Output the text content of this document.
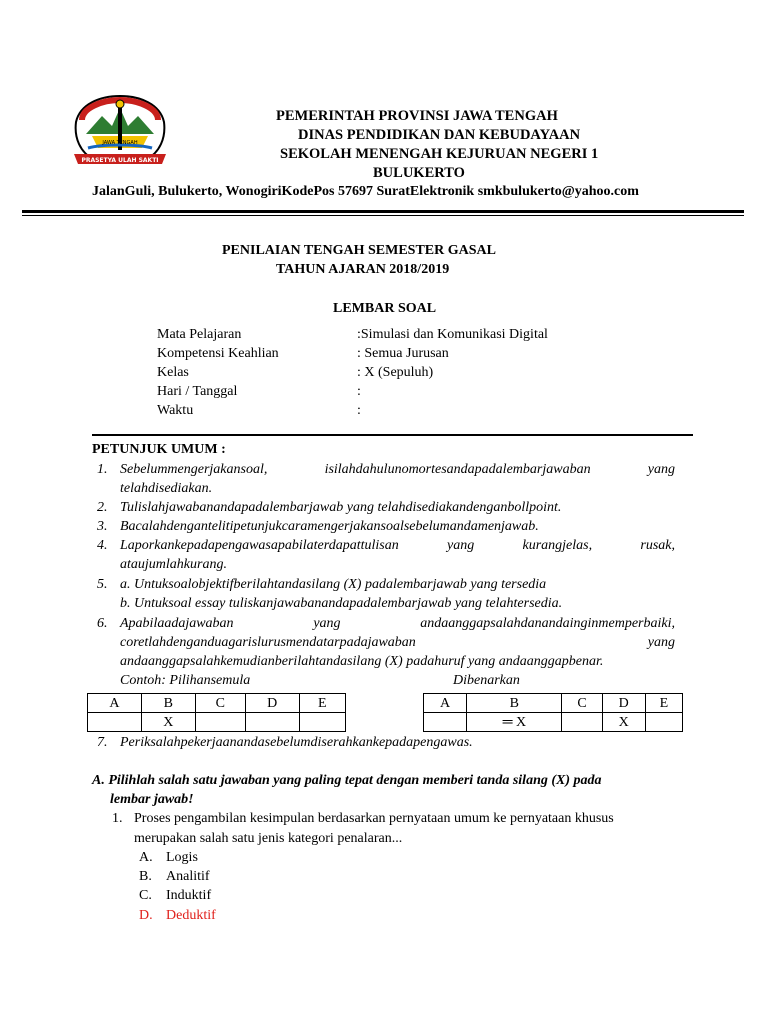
PRASETYA ULAH SAKTI
JAWA TENGAH
PEMERINTAH PROVINSI JAWA TENGAH
DINAS PENDIDIKAN DAN KEBUDAYAAN
SEKOLAH MENENGAH KEJURUAN NEGERI 1
BULUKERTO
JalanGuli, Bulukerto, WonogiriKodePos 57697 SuratElektronik smkbulukerto@yahoo.com
PENILAIAN TENGAH SEMESTER GASAL
TAHUN AJARAN 2018/2019
LEMBAR SOAL
Mata Pelajaran	:Simulasi dan Komunikasi Digital
Kompetensi Keahlian	: Semua Jurusan
Kelas	: X (Sepuluh)
Hari / Tanggal	:
Waktu	:
PETUNJUK UMUM :
1. Sebelummengerjakansoal,	isilahdahulunomortesandapadalembarjawaban	yang
telahdisediakan.
2. Tulislahjawabanandapadalembarjawab yang telahdisediakandenganbollpoint.
3. Bacalahdengantelitipetunjukcaramengerjakansoalsebelumandamenjawab.
4. Laporkankepadapengawasapabilaterdapattulisan	yang	kurangjelas,	rusak,
ataujumlahkurang.
5. a. Untuksoalobjektifberilahtandasilang (X) padalembarjawab yang tersedia
b. Untuksoal essay tuliskanjawabanandapadalembarjawab yang telahtersedia.
6. Apabilaadajawaban	yang	andaanggapsalahdanandainginmemperbaiki,
coretlahdenganduagarislurusmendatarpadajawaban	yang
andaanggapsalahkemudianberilahtandasilang (X) padahuruf yang andaanggapbenar.
Contoh: Pilihansemula	Dibenarkan
A	B	C	D	E
	X			
A	B	C	D	E
	═ X		X	
7. Periksalahpekerjaanandasebelumdiserahkankepadapengawas.
A. Pilihlah salah satu jawaban yang paling tepat dengan memberi tanda silang (X) pada
lembar jawab!
1. Proses pengambilan kesimpulan berdasarkan pernyataan umum ke pernyataan khusus
merupakan salah satu jenis kategori penalaran...
A. Logis
B. Analitif
C. Induktif
D. Deduktif
